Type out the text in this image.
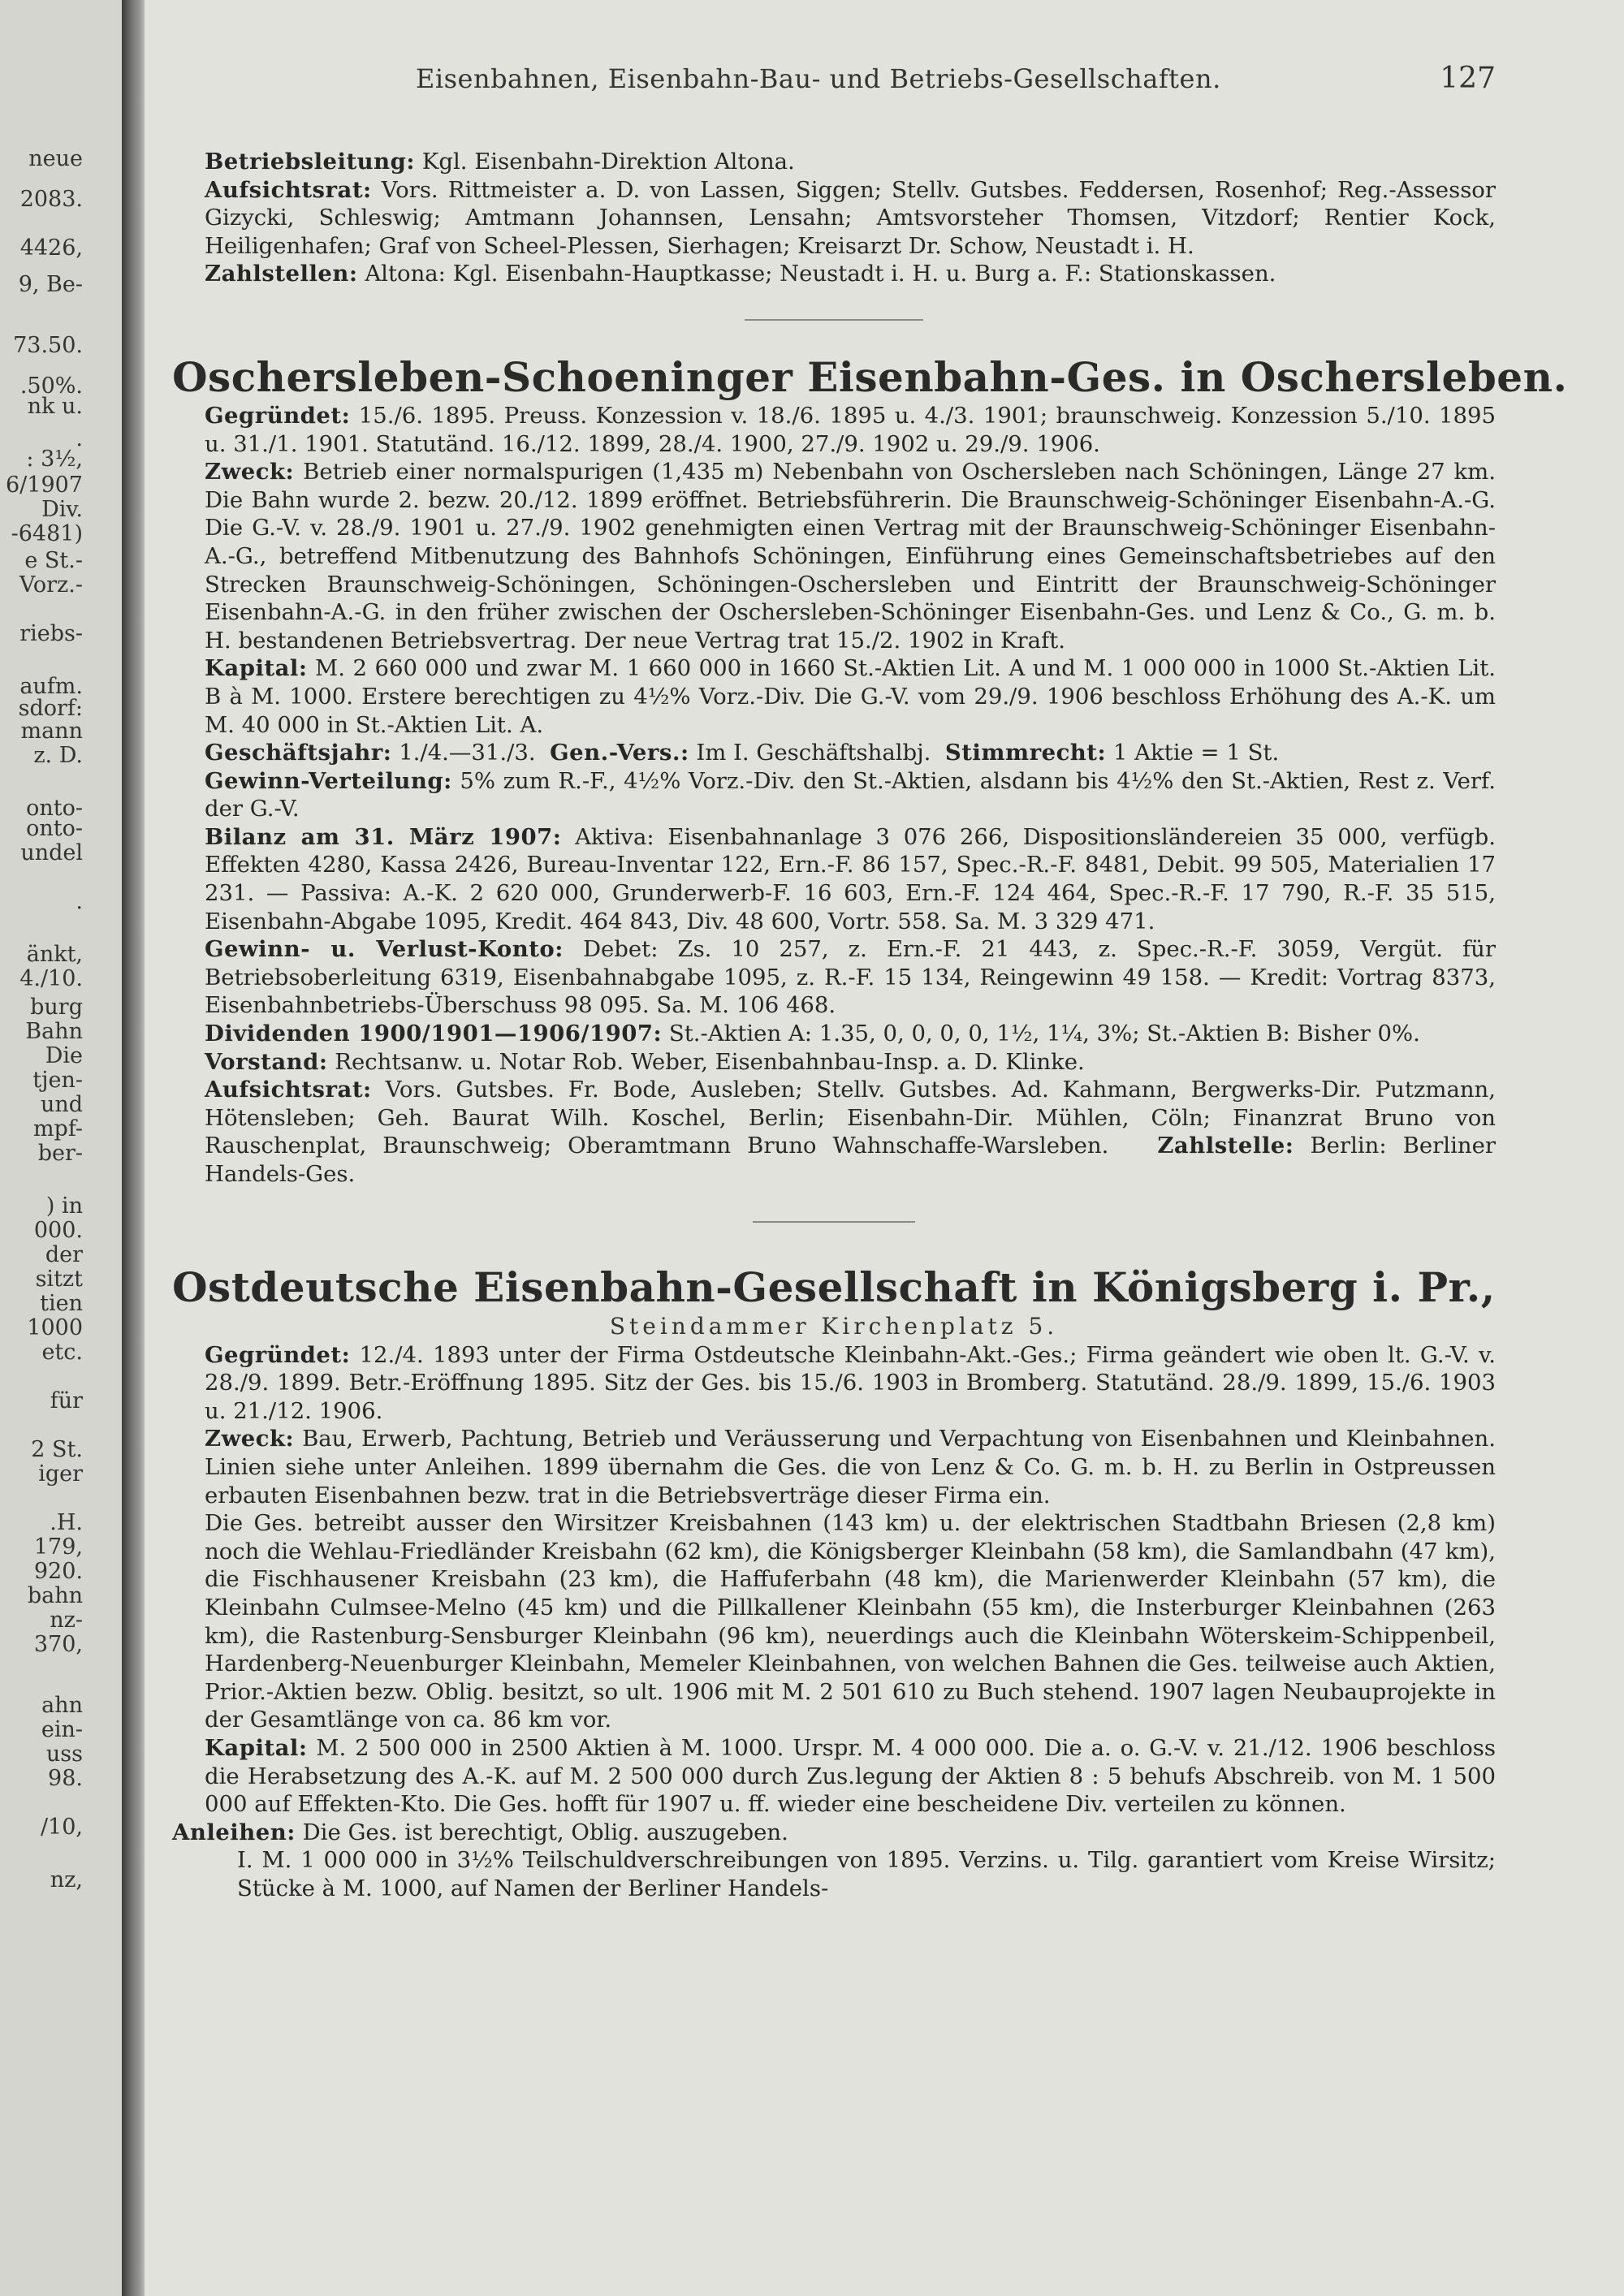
neue
2083.
4426,
9, Be-
73.50.
.50%.
nk u.
.
: 3½,
6/1907
Div.
-6481)
e St.-
Vorz.-
riebs-
aufm.
sdorf:
mann
z. D.
onto-
onto-
undel
.
änkt,
4./10.
burg
Bahn
Die
tjen-
und
mpf-
ber-
) in
000.
der
sitzt
tien
1000
etc.
für
2 St.
iger
.H.
179,
920.
bahn
nz-
370,
ahn
ein-
uss
98.
/10,
nz,
Eisenbahnen, Eisenbahn-Bau- und Betriebs-Gesellschaften.	127

Betriebsleitung: Kgl. Eisenbahn-Direktion Altona.

Aufsichtsrat: Vors. Rittmeister a. D. von Lassen, Siggen; Stellv. Gutsbes. Feddersen, Rosenhof; Reg.-Assessor Gizycki, Schleswig; Amtmann Johannsen, Lensahn; Amtsvorsteher Thomsen, Vitzdorf; Rentier Kock, Heiligenhafen; Graf von Scheel-Plessen, Sierhagen; Kreisarzt Dr. Schow, Neustadt i. H.

Zahlstellen: Altona: Kgl. Eisenbahn-Hauptkasse; Neustadt i. H. u. Burg a. F.: Stationskassen.

Oschersleben-Schoeninger Eisenbahn-Ges. in Oschersleben.

Gegründet: 15./6. 1895. Preuss. Konzession v. 18./6. 1895 u. 4./3. 1901; braunschweig. Konzession 5./10. 1895 u. 31./1. 1901. Statutänd. 16./12. 1899, 28./4. 1900, 27./9. 1902 u. 29./9. 1906.

Zweck: Betrieb einer normalspurigen (1,435 m) Nebenbahn von Oschersleben nach Schöningen, Länge 27 km. Die Bahn wurde 2. bezw. 20./12. 1899 eröffnet. Betriebsführerin. Die Braunschweig-Schöninger Eisenbahn-A.-G. Die G.-V. v. 28./9. 1901 u. 27./9. 1902 genehmigten einen Vertrag mit der Braunschweig-Schöninger Eisenbahn-A.-G., betreffend Mitbenutzung des Bahnhofs Schöningen, Einführung eines Gemeinschaftsbetriebes auf den Strecken Braunschweig-Schöningen, Schöningen-Oschersleben und Eintritt der Braunschweig-Schöninger Eisenbahn-A.-G. in den früher zwischen der Oschersleben-Schöninger Eisenbahn-Ges. und Lenz & Co., G. m. b. H. bestandenen Betriebsvertrag. Der neue Vertrag trat 15./2. 1902 in Kraft.

Kapital: M. 2 660 000 und zwar M. 1 660 000 in 1660 St.-Aktien Lit. A und M. 1 000 000 in 1000 St.-Aktien Lit. B à M. 1000. Erstere berechtigen zu 4½% Vorz.-Div. Die G.-V. vom 29./9. 1906 beschloss Erhöhung des A.-K. um M. 40 000 in St.-Aktien Lit. A.

Geschäftsjahr: 1./4.—31./3. Gen.-Vers.: Im I. Geschäftshalbj. Stimmrecht: 1 Aktie = 1 St.

Gewinn-Verteilung: 5% zum R.-F., 4½% Vorz.-Div. den St.-Aktien, alsdann bis 4½% den St.-Aktien, Rest z. Verf. der G.-V.

Bilanz am 31. März 1907: Aktiva: Eisenbahnanlage 3 076 266, Dispositionsländereien 35 000, verfügb. Effekten 4280, Kassa 2426, Bureau-Inventar 122, Ern.-F. 86 157, Spec.-R.-F. 8481, Debit. 99 505, Materialien 17 231. — Passiva: A.-K. 2 620 000, Grunderwerb-F. 16 603, Ern.-F. 124 464, Spec.-R.-F. 17 790, R.-F. 35 515, Eisenbahn-Abgabe 1095, Kredit. 464 843, Div. 48 600, Vortr. 558. Sa. M. 3 329 471.

Gewinn- u. Verlust-Konto: Debet: Zs. 10 257, z. Ern.-F. 21 443, z. Spec.-R.-F. 3059, Vergüt. für Betriebsoberleitung 6319, Eisenbahnabgabe 1095, z. R.-F. 15 134, Reingewinn 49 158. — Kredit: Vortrag 8373, Eisenbahnbetriebs-Überschuss 98 095. Sa. M. 106 468.

Dividenden 1900/1901—1906/1907: St.-Aktien A: 1.35, 0, 0, 0, 0, 1½, 1¼, 3%; St.-Aktien B: Bisher 0%.

Vorstand: Rechtsanw. u. Notar Rob. Weber, Eisenbahnbau-Insp. a. D. Klinke.

Aufsichtsrat: Vors. Gutsbes. Fr. Bode, Ausleben; Stellv. Gutsbes. Ad. Kahmann, Bergwerks-Dir. Putzmann, Hötensleben; Geh. Baurat Wilh. Koschel, Berlin; Eisenbahn-Dir. Mühlen, Cöln; Finanzrat Bruno von Rauschenplat, Braunschweig; Oberamtmann Bruno Wahnschaffe-Warsleben. Zahlstelle: Berlin: Berliner Handels-Ges.

Ostdeutsche Eisenbahn-Gesellschaft in Königsberg i. Pr.,
Steindammer Kirchenplatz 5.

Gegründet: 12./4. 1893 unter der Firma Ostdeutsche Kleinbahn-Akt.-Ges.; Firma geändert wie oben lt. G.-V. v. 28./9. 1899. Betr.-Eröffnung 1895. Sitz der Ges. bis 15./6. 1903 in Bromberg. Statutänd. 28./9. 1899, 15./6. 1903 u. 21./12. 1906.

Zweck: Bau, Erwerb, Pachtung, Betrieb und Veräusserung und Verpachtung von Eisenbahnen und Kleinbahnen. Linien siehe unter Anleihen. 1899 übernahm die Ges. die von Lenz & Co. G. m. b. H. zu Berlin in Ostpreussen erbauten Eisenbahnen bezw. trat in die Betriebsverträge dieser Firma ein.

Die Ges. betreibt ausser den Wirsitzer Kreisbahnen (143 km) u. der elektrischen Stadtbahn Briesen (2,8 km) noch die Wehlau-Friedländer Kreisbahn (62 km), die Königsberger Kleinbahn (58 km), die Samlandbahn (47 km), die Fischhausener Kreisbahn (23 km), die Haffuferbahn (48 km), die Marienwerder Kleinbahn (57 km), die Kleinbahn Culmsee-Melno (45 km) und die Pillkallener Kleinbahn (55 km), die Insterburger Kleinbahnen (263 km), die Rastenburg-Sensburger Kleinbahn (96 km), neuerdings auch die Kleinbahn Wöterskeim-Schippenbeil, Hardenberg-Neuenburger Kleinbahn, Memeler Kleinbahnen, von welchen Bahnen die Ges. teilweise auch Aktien, Prior.-Aktien bezw. Oblig. besitzt, so ult. 1906 mit M. 2 501 610 zu Buch stehend. 1907 lagen Neubauprojekte in der Gesamtlänge von ca. 86 km vor.

Kapital: M. 2 500 000 in 2500 Aktien à M. 1000. Urspr. M. 4 000 000. Die a. o. G.-V. v. 21./12. 1906 beschloss die Herabsetzung des A.-K. auf M. 2 500 000 durch Zus.legung der Aktien 8 : 5 behufs Abschreib. von M. 1 500 000 auf Effekten-Kto. Die Ges. hofft für 1907 u. ff. wieder eine bescheidene Div. verteilen zu können.

Anleihen: Die Ges. ist berechtigt, Oblig. auszugeben.

I. M. 1 000 000 in 3½% Teilschuldverschreibungen von 1895. Verzins. u. Tilg. garantiert vom Kreise Wirsitz; Stücke à M. 1000, auf Namen der Berliner Handels-
